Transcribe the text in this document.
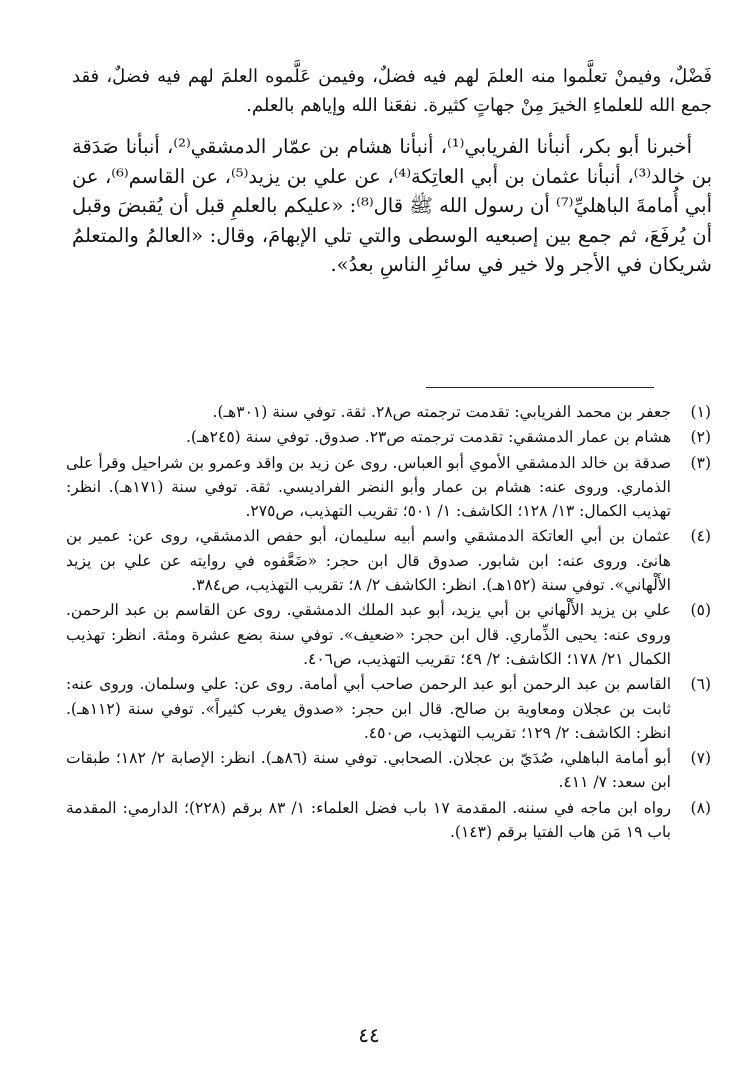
فَضْلٌ، وفيمنْ تعلَّموا منه العلمَ لهم فيه فضلٌ، وفيمن عَلَّموه العلمَ لهم فيه فضلٌ، فقد جمع الله للعلماءِ الخيرَ مِنْ جهاتٍ كثيرة. نفعَنا الله وإياهم بالعلم.

أخبرنا أبو بكر، أنبأنا الفريابي⁽¹⁾، أنبأنا هشام بن عمّار الدمشقي⁽²⁾، أنبأنا صَدَقة بن خالد⁽³⁾، أنبأنا عثمان بن أبي العاتِكة⁽⁴⁾، عن علي بن يزيد⁽⁵⁾، عن القاسم⁽⁶⁾، عن أبي أُمامةَ الباهليِّ⁽⁷⁾ أن رسول الله ﷺ قال⁽⁸⁾: «عليكم بالعلمِ قبل أن يُقبضَ وقبل أن يُرفَعَ، ثم جمع بين إصبعيه الوسطى والتي تلي الإبهامَ، وقال: «العالمُ والمتعلمُ شريكان في الأجر ولا خير في سائرِ الناسِ بعدُ».

(١)
جعفر بن محمد الفريابي: تقدمت ترجمته ص٢٨. ثقة. توفي سنة (٣٠١هـ).
(٢)
هشام بن عمار الدمشقي: تقدمت ترجمته ص٢٣. صدوق. توفي سنة (٢٤٥هـ).
(٣)
صدقة بن خالد الدمشقي الأموي أبو العباس. روى عن زيد بن واقد وعمرو بن شراحيل وقرأ على الذماري. وروى عنه: هشام بن عمار وأبو النضر الفراديسي. ثقة. توفي سنة (١٧١هـ). انظر: تهذيب الكمال: ١٣/ ١٢٨؛ الكاشف: ١/ ٥٠١؛ تقريب التهذيب، ص٢٧٥.
(٤)
عثمان بن أبي العاتكة الدمشقي واسم أبيه سليمان، أبو حفص الدمشقي، روى عن: عمير بن هانئ. وروى عنه: ابن شابور. صدوق قال ابن حجر: «ضَعَّفوه في روايته عن علي بن يزيد الأَلْهاني». توفي سنة (١٥٢هـ). انظر: الكاشف ٢/ ٨؛ تقريب التهذيب، ص٣٨٤.
(٥)
علي بن يزيد الأَلْهاني بن أبي يزيد، أبو عبد الملك الدمشقي. روى عن القاسم بن عبد الرحمن. وروى عنه: يحيى الذِّماري. قال ابن حجر: «ضعيف». توفي سنة بضع عشرة ومئة. انظر: تهذيب الكمال ٢١/ ١٧٨؛ الكاشف: ٢/ ٤٩؛ تقريب التهذيب، ص٤٠٦.
(٦)
القاسم بن عبد الرحمن أبو عبد الرحمن صاحب أبي أمامة. روى عن: علي وسلمان. وروى عنه: ثابت بن عجلان ومعاوية بن صالح. قال ابن حجر: «صدوق يغرب كثيراً». توفي سنة (١١٢هـ). انظر: الكاشف: ٢/ ١٢٩؛ تقريب التهذيب، ص٤٥٠.
(٧)
أبو أمامة الباهلي، صُدَيّ بن عجلان. الصحابي. توفي سنة (٨٦هـ). انظر: الإصابة ٢/ ١٨٢؛ طبقات ابن سعد: ٧/ ٤١١.
(٨)
رواه ابن ماجه في سننه. المقدمة ١٧ باب فضل العلماء: ١/ ٨٣ برقم (٢٢٨)؛ الدارمي: المقدمة باب ١٩ مَن هاب الفتيا برقم (١٤٣).
٤٤
